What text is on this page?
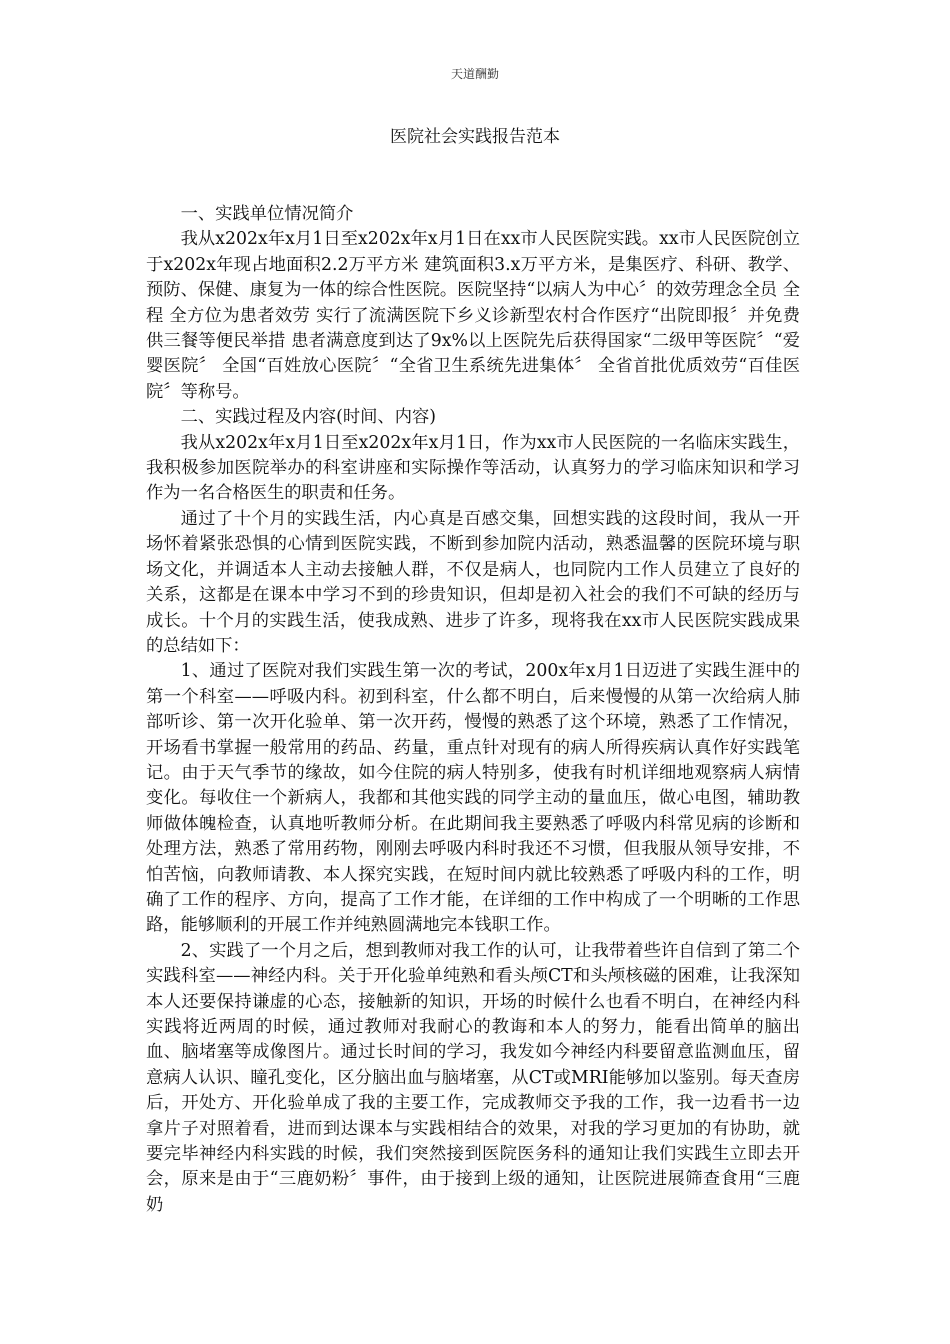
天道酬勤
医院社会实践报告范本

一、实践单位情况简介

我从x202x年x月1日至x202x年x月1日在xx市人民医院实践。xx市人民医院创立于x202x年现占地面积2.2万平方米 建筑面积3.x万平方米，是集医疗、科研、教学、预防、保健、康复为一体的综合性医院。医院坚持“以病人为中心〞的效劳理念全员 全程 全方位为患者效劳 实行了流满医院下乡义诊新型农村合作医疗“出院即报〞并免费供三餐等便民举措 患者满意度到达了9x%以上医院先后获得国家“二级甲等医院〞“爱婴医院〞 全国“百姓放心医院〞“全省卫生系统先进集体〞 全省首批优质效劳“百佳医院〞等称号。

二、实践过程及内容(时间、内容)

我从x202x年x月1日至x202x年x月1日，作为xx市人民医院的一名临床实践生，我积极参加医院举办的科室讲座和实际操作等活动，认真努力的学习临床知识和学习作为一名合格医生的职责和任务。

通过了十个月的实践生活，内心真是百感交集，回想实践的这段时间，我从一开场怀着紧张恐惧的心情到医院实践，不断到参加院内活动，熟悉温馨的医院环境与职场文化，并调适本人主动去接触人群，不仅是病人，也同院内工作人员建立了良好的关系，这都是在课本中学习不到的珍贵知识，但却是初入社会的我们不可缺的经历与成长。十个月的实践生活，使我成熟、进步了许多，现将我在xx市人民医院实践成果的总结如下：

1、通过了医院对我们实践生第一次的考试，200x年x月1日迈进了实践生涯中的第一个科室——呼吸内科。初到科室，什么都不明白，后来慢慢的从第一次给病人肺部听诊、第一次开化验单、第一次开药，慢慢的熟悉了这个环境，熟悉了工作情况，开场看书掌握一般常用的药品、药量，重点针对现有的病人所得疾病认真作好实践笔记。由于天气季节的缘故，如今住院的病人特别多，使我有时机详细地观察病人病情变化。每收住一个新病人，我都和其他实践的同学主动的量血压，做心电图，辅助教师做体魄检查，认真地听教师分析。在此期间我主要熟悉了呼吸内科常见病的诊断和处理方法，熟悉了常用药物，刚刚去呼吸内科时我还不习惯，但我服从领导安排，不怕苦恼，向教师请教、本人探究实践，在短时间内就比较熟悉了呼吸内科的工作，明确了工作的程序、方向，提高了工作才能，在详细的工作中构成了一个明晰的工作思路，能够顺利的开展工作并纯熟圆满地完本钱职工作。

2、实践了一个月之后，想到教师对我工作的认可，让我带着些许自信到了第二个实践科室——神经内科。关于开化验单纯熟和看头颅CT和头颅核磁的困难，让我深知本人还要保持谦虚的心态，接触新的知识，开场的时候什么也看不明白，在神经内科实践将近两周的时候，通过教师对我耐心的教诲和本人的努力，能看出简单的脑出血、脑堵塞等成像图片。通过长时间的学习，我发如今神经内科要留意监测血压，留意病人认识、瞳孔变化，区分脑出血与脑堵塞，从CT或MRI能够加以鉴别。每天查房后，开处方、开化验单成了我的主要工作，完成教师交予我的工作，我一边看书一边拿片子对照着看，进而到达课本与实践相结合的效果，对我的学习更加的有协助，就要完毕神经内科实践的时候，我们突然接到医院医务科的通知让我们实践生立即去开会，原来是由于“三鹿奶粉〞事件，由于接到上级的通知，让医院进展筛查食用“三鹿奶
